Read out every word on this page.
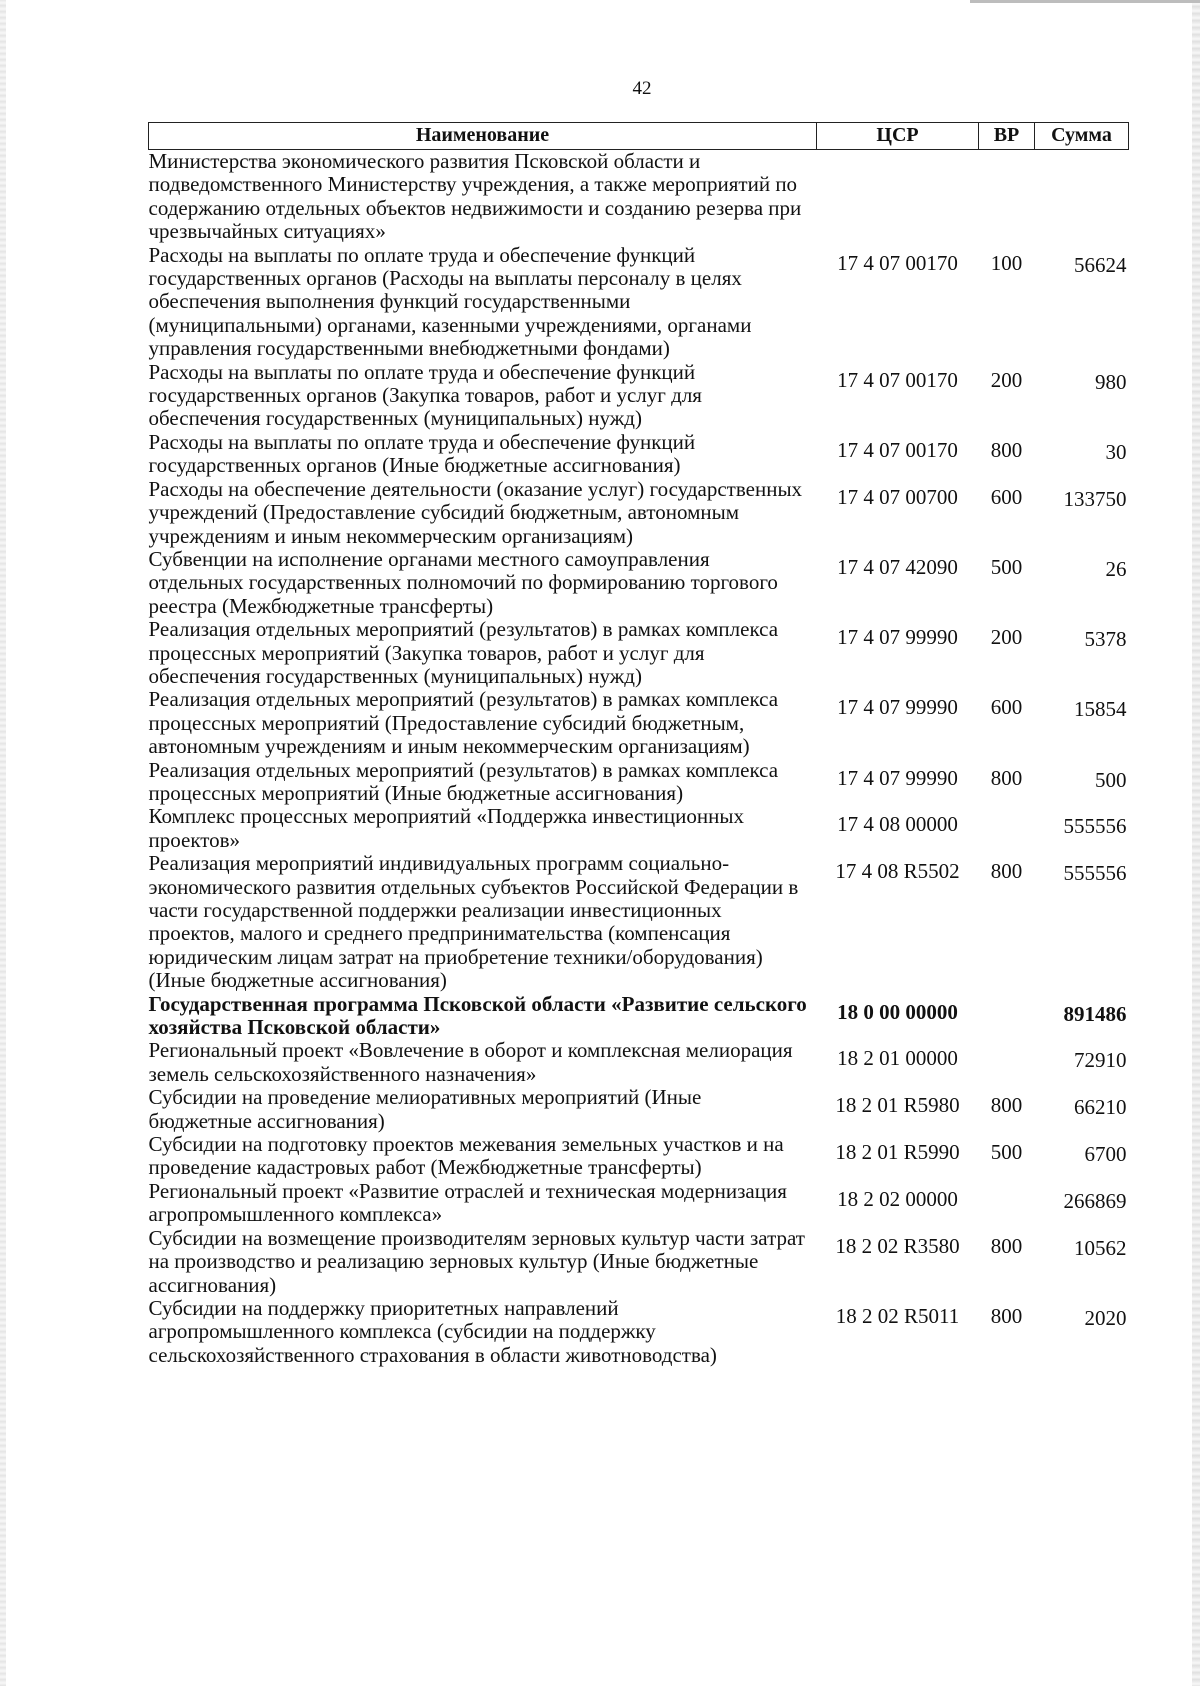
42
Наименование	ЦСР	ВР	Сумма
Министерства экономического развития Псковской области и подведомственного Министерству учреждения, а также мероприятий по содержанию отдельных объектов недвижимости и созданию резерва при чрезвычайных ситуациях»			
Расходы на выплаты по оплате труда и обеспечение функций государственных органов (Расходы на выплаты персоналу в целях обеспечения выполнения функций государственными (муниципальными) органами, казенными учреждениями, органами управления государственными внебюджетными фондами)	17 4 07 00170	100	56624
Расходы на выплаты по оплате труда и обеспечение функций государственных органов (Закупка товаров, работ и услуг для обеспечения государственных (муниципальных) нужд)	17 4 07 00170	200	980
Расходы на выплаты по оплате труда и обеспечение функций государственных органов (Иные бюджетные ассигнования)	17 4 07 00170	800	30
Расходы на обеспечение деятельности (оказание услуг) государственных учреждений (Предоставление субсидий бюджетным, автономным учреждениям и иным некоммерческим организациям)	17 4 07 00700	600	133750
Субвенции на исполнение органами местного самоуправления отдельных государственных полномочий по формированию торгового реестра (Межбюджетные трансферты)	17 4 07 42090	500	26
Реализация отдельных мероприятий (результатов) в рамках комплекса процессных мероприятий (Закупка товаров, работ и услуг для обеспечения государственных (муниципальных) нужд)	17 4 07 99990	200	5378
Реализация отдельных мероприятий (результатов) в рамках комплекса процессных мероприятий (Предоставление субсидий бюджетным, автономным учреждениям и иным некоммерческим организациям)	17 4 07 99990	600	15854
Реализация отдельных мероприятий (результатов) в рамках комплекса процессных мероприятий (Иные бюджетные ассигнования)	17 4 07 99990	800	500
Комплекс процессных мероприятий «Поддержка инвестиционных проектов»	17 4 08 00000		555556
Реализация мероприятий индивидуальных программ социально-экономического развития отдельных субъектов Российской Федерации в части государственной поддержки реализации инвестиционных проектов, малого и среднего предпринимательства (компенсация юридическим лицам затрат на приобретение техники/оборудования) (Иные бюджетные ассигнования)	17 4 08 R5502	800	555556
Государственная программа Псковской области «Развитие сельского хозяйства Псковской области»	18 0 00 00000		891486
Региональный проект «Вовлечение в оборот и комплексная мелиорация земель сельскохозяйственного назначения»	18 2 01 00000		72910
Субсидии на проведение мелиоративных мероприятий (Иные бюджетные ассигнования)	18 2 01 R5980	800	66210
Субсидии на подготовку проектов межевания земельных участков и на проведение кадастровых работ (Межбюджетные трансферты)	18 2 01 R5990	500	6700
Региональный проект «Развитие отраслей и техническая модернизация агропромышленного комплекса»	18 2 02 00000		266869
Субсидии на возмещение производителям зерновых культур части затрат на производство и реализацию зерновых культур (Иные бюджетные ассигнования)	18 2 02 R3580	800	10562
Субсидии на поддержку приоритетных направлений агропромышленного комплекса (субсидии на поддержку сельскохозяйственного страхования в области животноводства)	18 2 02 R5011	800	2020
